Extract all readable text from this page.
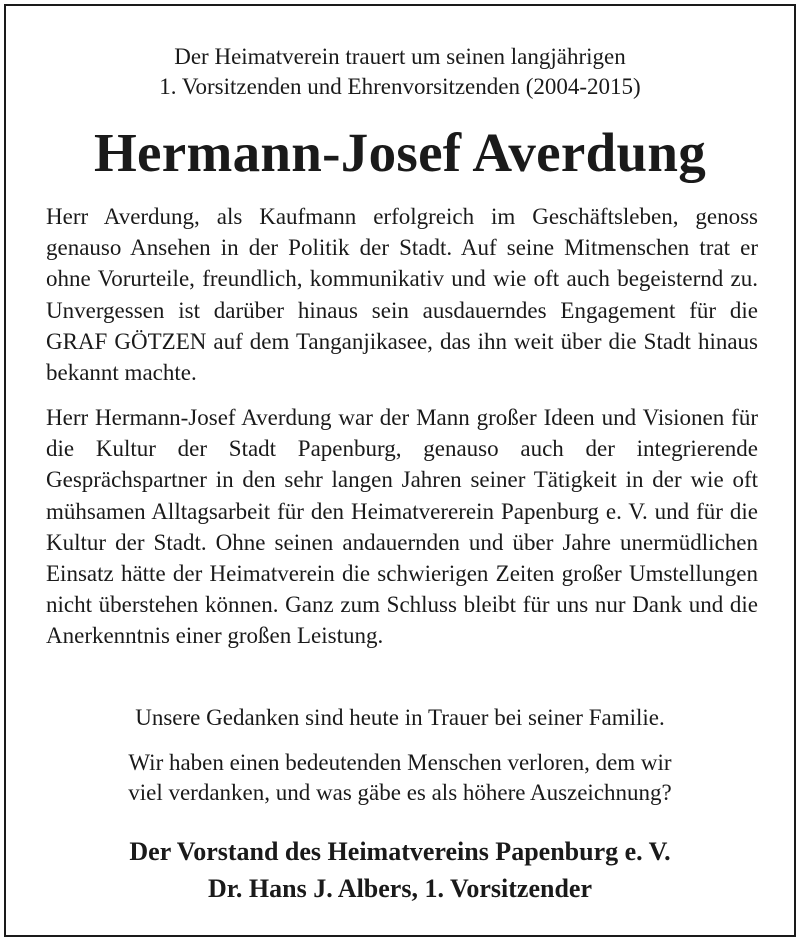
Der Heimatverein trauert um seinen langjährigen
1. Vorsitzenden und Ehrenvorsitzenden (2004-2015)
Hermann-Josef Averdung

Herr Averdung, als Kaufmann erfolgreich im Geschäftsleben, genoss genauso Ansehen in der Politik der Stadt. Auf seine Mitmenschen trat er ohne Vorurteile, freundlich, kommunikativ und wie oft auch begeisternd zu. Unvergessen ist darüber hinaus sein ausdauerndes Engagement für die GRAF GÖTZEN auf dem Tanganjikasee, das ihn weit über die Stadt hinaus bekannt machte.

Herr Hermann-Josef Averdung war der Mann großer Ideen und Visionen für die Kultur der Stadt Papenburg, genauso auch der integrierende Gesprächspartner in den sehr langen Jahren seiner Tätigkeit in der wie oft mühsamen Alltagsarbeit für den Heimatvererein Papenburg e. V. und für die Kultur der Stadt. Ohne seinen andauernden und über Jahre unermüdlichen Einsatz hätte der Heimatverein die schwierigen Zeiten großer Umstellungen nicht überstehen können. Ganz zum Schluss bleibt für uns nur Dank und die Anerkenntnis einer großen Leistung.

Unsere Gedanken sind heute in Trauer bei seiner Familie.
Wir haben einen bedeutenden Menschen verloren, dem wir
viel verdanken, und was gäbe es als höhere Auszeichnung?
Der Vorstand des Heimatvereins Papenburg e. V.
Dr. Hans J. Albers, 1. Vorsitzender
